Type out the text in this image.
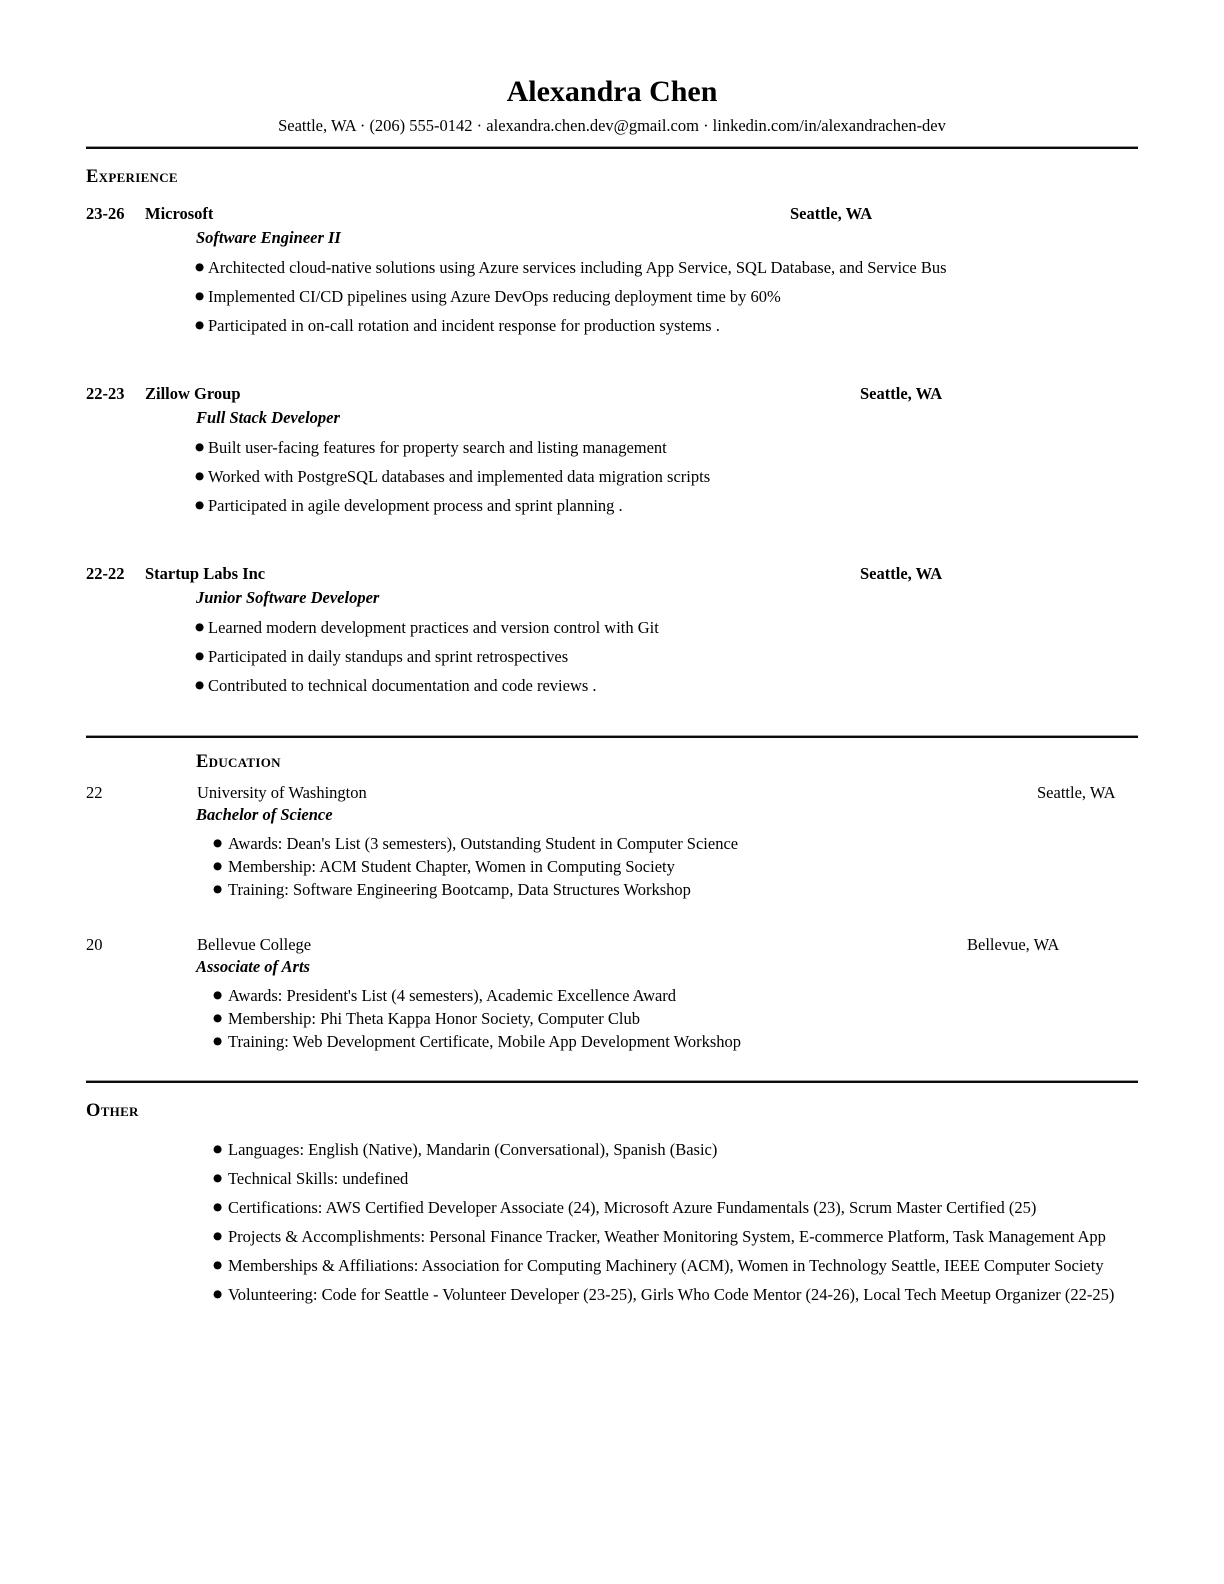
Alexandra Chen
Seattle, WA · (206) 555-0142 · alexandra.chen.dev@gmail.com · linkedin.com/in/alexandrachen-dev
Experience
23-26 Microsoft	Seattle, WA
Software Engineer II
● Architected cloud-native solutions using Azure services including App Service, SQL Database, and Service Bus
● Implemented CI/CD pipelines using Azure DevOps reducing deployment time by 60%
● Participated in on-call rotation and incident response for production systems .
22-23 Zillow Group	Seattle, WA
Full Stack Developer
● Built user-facing features for property search and listing management
● Worked with PostgreSQL databases and implemented data migration scripts
● Participated in agile development process and sprint planning .
22-22 Startup Labs Inc	Seattle, WA
Junior Software Developer
● Learned modern development practices and version control with Git
● Participated in daily standups and sprint retrospectives
● Contributed to technical documentation and code reviews .
Education
22	University of Washington	Seattle, WA
Bachelor of Science
● Awards: Dean's List (3 semesters), Outstanding Student in Computer Science
● Membership: ACM Student Chapter, Women in Computing Society
● Training: Software Engineering Bootcamp, Data Structures Workshop
20	Bellevue College	Bellevue, WA
Associate of Arts
● Awards: President's List (4 semesters), Academic Excellence Award
● Membership: Phi Theta Kappa Honor Society, Computer Club
● Training: Web Development Certificate, Mobile App Development Workshop
Other
● Languages: English (Native), Mandarin (Conversational), Spanish (Basic)
● Technical Skills: undefined
● Certifications: AWS Certified Developer Associate (24), Microsoft Azure Fundamentals (23), Scrum Master Certified (25)
● Projects & Accomplishments: Personal Finance Tracker, Weather Monitoring System, E-commerce Platform, Task Management App
● Memberships & Affiliations: Association for Computing Machinery (ACM), Women in Technology Seattle, IEEE Computer Society
● Volunteering: Code for Seattle - Volunteer Developer (23-25), Girls Who Code Mentor (24-26), Local Tech Meetup Organizer (22-25)
